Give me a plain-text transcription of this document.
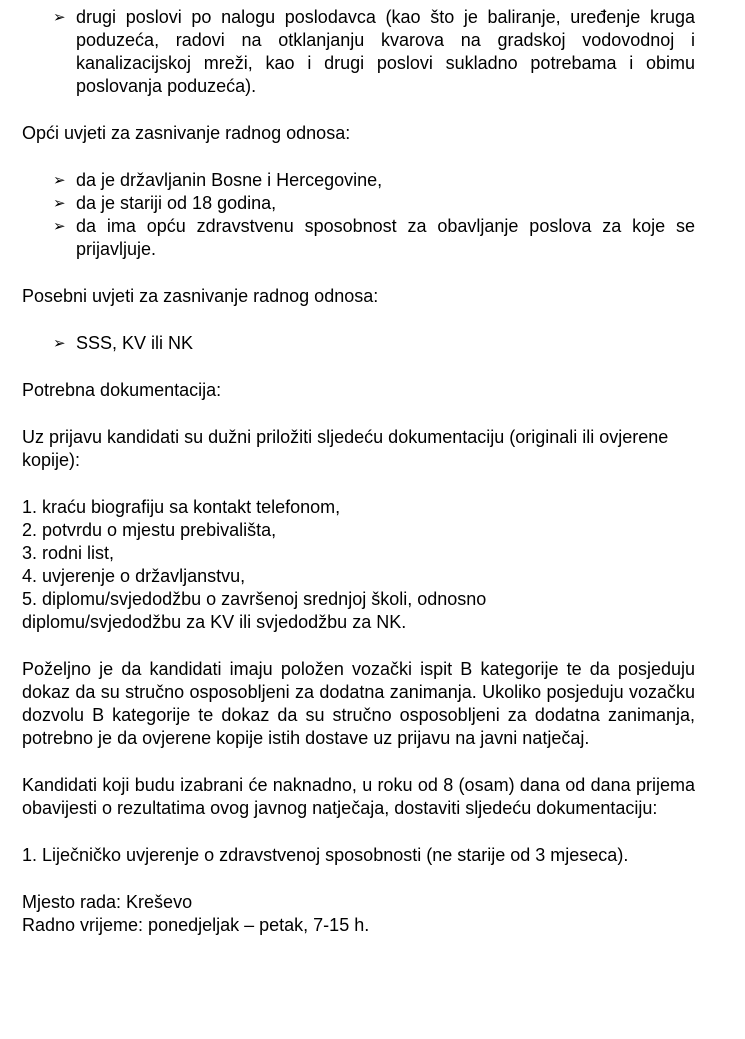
➢ drugi poslovi po nalogu poslodavca (kao što je baliranje, uređenje kruga poduzeća, radovi na otklanjanju kvarova na gradskoj vodovodnoj i kanalizacijskoj mreži, kao i drugi poslovi sukladno potrebama i obimu poslovanja poduzeća).

Opći uvjeti za zasnivanje radnog odnosa:

➢ da je državljanin Bosne i Hercegovine,
➢ da je stariji od 18 godina,
➢ da ima opću zdravstvenu sposobnost za obavljanje poslova za koje se prijavljuje.

Posebni uvjeti za zasnivanje radnog odnosa:

➢ SSS, KV ili NK

Potrebna dokumentacija:

Uz prijavu kandidati su dužni priložiti sljedeću dokumentaciju (originali ili ovjerene kopije):

1. kraću biografiju sa kontakt telefonom,

2. potvrdu o mjestu prebivališta,

3. rodni list,

4. uvjerenje o državljanstvu,

5. diplomu/svjedodžbu o završenoj srednjoj školi, odnosno

diplomu/svjedodžbu za KV ili svjedodžbu za NK.

Poželjno je da kandidati imaju položen vozački ispit B kategorije te da posjeduju dokaz da su stručno osposobljeni za dodatna zanimanja. Ukoliko posjeduju vozačku dozvolu B kategorije te dokaz da su stručno osposobljeni za dodatna zanimanja, potrebno je da ovjerene kopije istih dostave uz prijavu na javni natječaj.

Kandidati koji budu izabrani će naknadno, u roku od 8 (osam) dana od dana prijema obavijesti o rezultatima ovog javnog natječaja, dostaviti sljedeću dokumentaciju:

1. Liječničko uvjerenje o zdravstvenoj sposobnosti (ne starije od 3 mjeseca).

Mjesto rada: Kreševo

Radno vrijeme: ponedjeljak – petak, 7-15 h.
